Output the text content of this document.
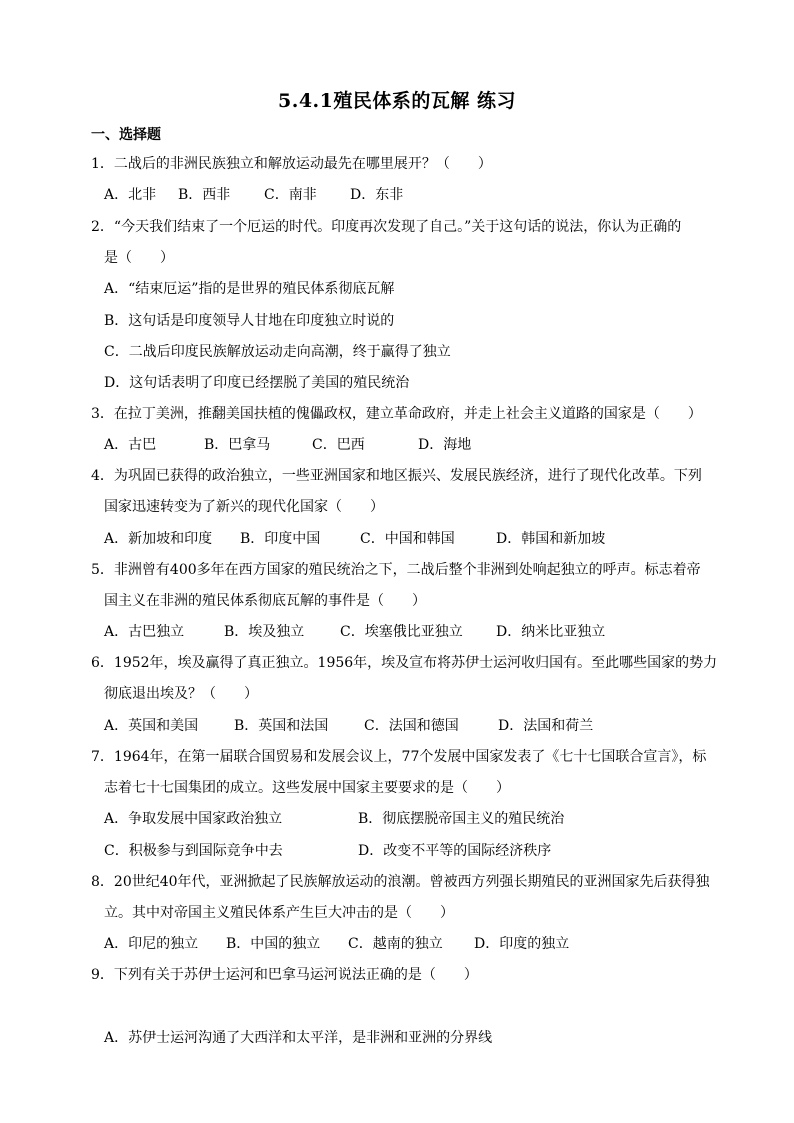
5.4.1殖民体系的瓦解 练习
一、选择题
1．二战后的非洲民族独立和解放运动最先在哪里展开？（　　）
A．北非 B．西非 C．南非 D．东非
2．“今天我们结束了一个厄运的时代。印度再次发现了自己。”关于这句话的说法，你认为正确的
是（　　）
A．“结束厄运”指的是世界的殖民体系彻底瓦解
B．这句话是印度领导人甘地在印度独立时说的
C．二战后印度民族解放运动走向高潮，终于赢得了独立
D．这句话表明了印度已经摆脱了美国的殖民统治
3．在拉丁美洲，推翻美国扶植的傀儡政权，建立革命政府，并走上社会主义道路的国家是（　　）
A．古巴	B．巴拿马	C．巴西	D．海地
4．为巩固已获得的政治独立，一些亚洲国家和地区振兴、发展民族经济，进行了现代化改革。下列
国家迅速转变为了新兴的现代化国家（　　）
A．新加坡和印度 B．印度中国	C．中国和韩国	D．韩国和新加坡
5．非洲曾有400多年在西方国家的殖民统治之下，二战后整个非洲到处响起独立的呼声。标志着帝
国主义在非洲的殖民体系彻底瓦解的事件是（　　）
A．古巴独立	B．埃及独立	C．埃塞俄比亚独立 D．纳米比亚独立
6．1952年，埃及赢得了真正独立。1956年，埃及宣布将苏伊士运河收归国有。至此哪些国家的势力
彻底退出埃及？（　　）
A．英国和美国	B．英国和法国	C．法国和德国	D．法国和荷兰
7．1964年，在第一届联合国贸易和发展会议上，77个发展中国家发表了《七十七国联合宣言》，标
志着七十七国集团的成立。这些发展中国家主要要求的是（　　）
A．争取发展中国家政治独立	B．彻底摆脱帝国主义的殖民统治
C．积极参与到国际竞争中去	D．改变不平等的国际经济秩序
8．20世纪40年代，亚洲掀起了民族解放运动的浪潮。曾被西方列强长期殖民的亚洲国家先后获得独
立。其中对帝国主义殖民体系产生巨大冲击的是（　　）
A．印尼的独立 B．中国的独立 C．越南的独立 D．印度的独立
9．下列有关于苏伊士运河和巴拿马运河说法正确的是（　　）
A．苏伊士运河沟通了大西洋和太平洋，是非洲和亚洲的分界线
